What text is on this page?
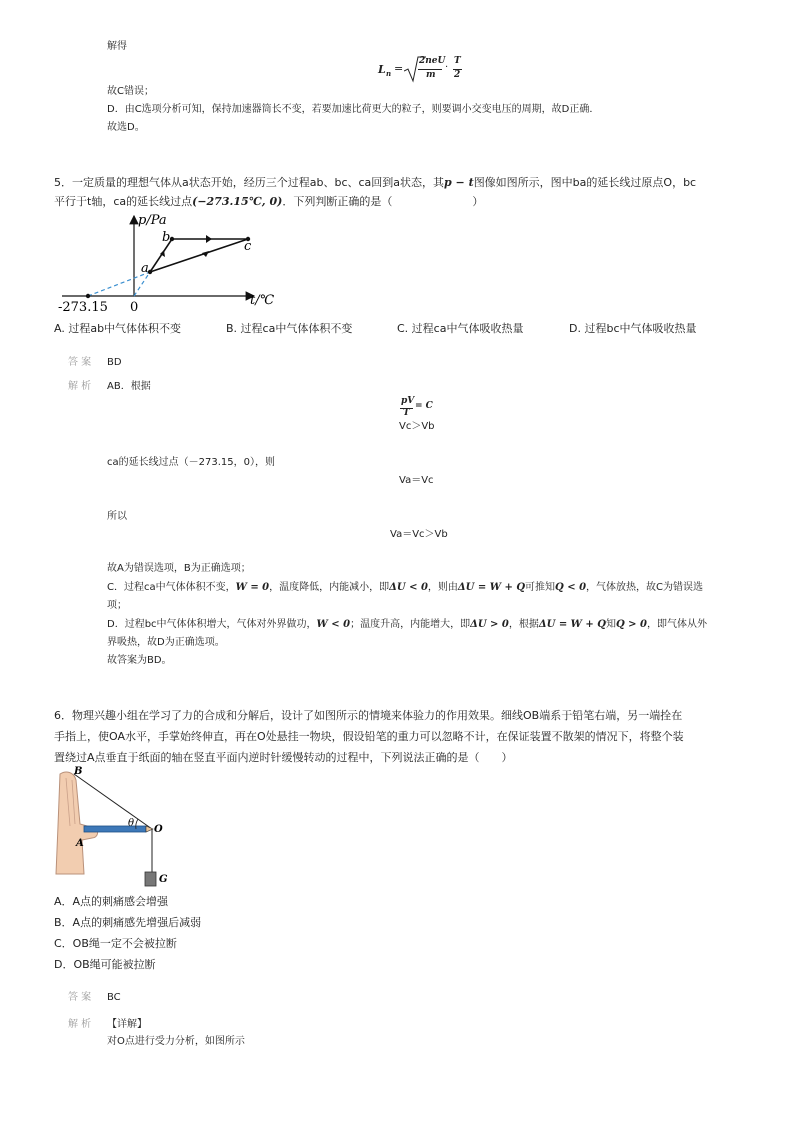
解得
L n =
2neU
m
·
T
2
故C错误；
D．由C选项分析可知，保持加速器筒长不变，若要加速比荷更大的粒子，则要调小交变电压的周期，故D正确．
故选D。
5．一定质量的理想气体从a状态开始，经历三个过程ab、bc、ca回到a状态，其p − t图像如图所示，图中ba的延长线过原点O，bc
平行于t轴，ca的延长线过点(−273.15℃, 0)．下列判断正确的是（	）
p/Pa
t/℃
0
-273.15
a
b
c
A. 过程ab中气体体积不变	B. 过程ca中气体体积不变	C. 过程ca中气体吸收热量	D. 过程bc中气体吸收热量
答 案 BD
解 析 AB．根据
pV
T
= C
Vc＞Vb
ca的延长线过点（－273.15，0），则
Va＝Vc
所以
Va＝Vc＞Vb
故A为错误选项，B为正确选项；
C．过程ca中气体体积不变，W = 0，温度降低，内能减小，即ΔU < 0，则由ΔU = W + Q可推知Q < 0，气体放热，故C为错误选
项；
D．过程bc中气体体积增大，气体对外界做功，W < 0；温度升高，内能增大，即ΔU > 0，根据ΔU = W + Q知Q > 0，即气体从外
界吸热，故D为正确选项。
故答案为BD。
6．物理兴趣小组在学习了力的合成和分解后，设计了如图所示的情境来体验力的作用效果。细线OB端系于铅笔右端，另一端拴在
手指上，使OA水平，手掌始终伸直，再在O处悬挂一物块，假设铅笔的重力可以忽略不计，在保证装置不散架的情况下，将整个装
置绕过A点垂直于纸面的轴在竖直平面内逆时针缓慢转动的过程中，下列说法正确的是（　　）
B
θ
O
A
G
A．A点的刺痛感会增强
B．A点的刺痛感先增强后减弱
C．OB绳一定不会被拉断
D．OB绳可能被拉断
答 案 BC
解 析 【详解】
对O点进行受力分析，如图所示
